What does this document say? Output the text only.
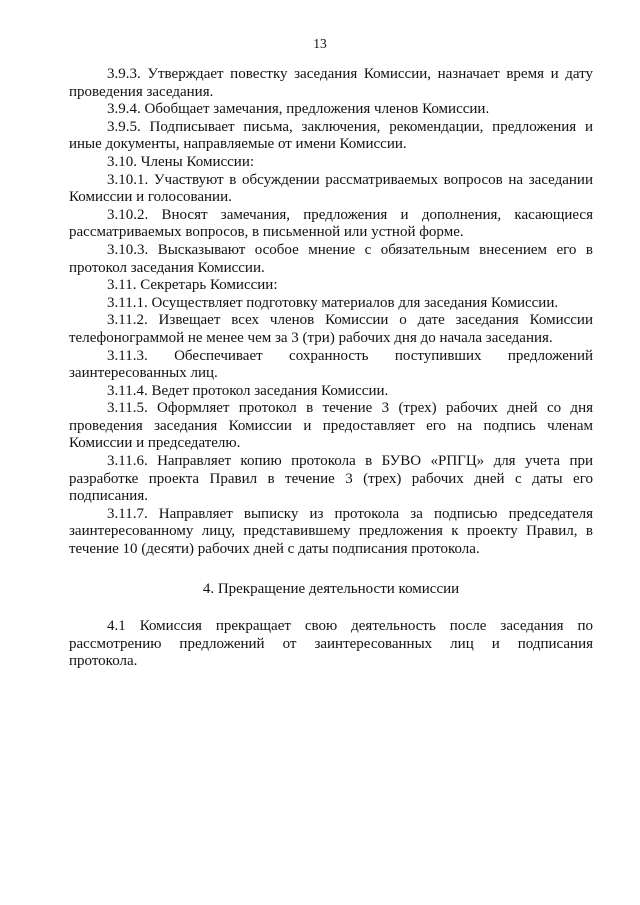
13

3.9.3. Утверждает повестку заседания Комиссии, назначает время и дату проведения заседания.

3.9.4. Обобщает замечания, предложения членов Комиссии.

3.9.5. Подписывает письма, заключения, рекомендации, предложения и иные документы, направляемые от имени Комиссии.

3.10. Члены Комиссии:

3.10.1. Участвуют в обсуждении рассматриваемых вопросов на заседании Комиссии и голосовании.

3.10.2. Вносят замечания, предложения и дополнения, касающиеся рассматриваемых вопросов, в письменной или устной форме.

3.10.3. Высказывают особое мнение с обязательным внесением его в протокол заседания Комиссии.

3.11. Секретарь Комиссии:

3.11.1. Осуществляет подготовку материалов для заседания Комиссии.

3.11.2. Извещает всех членов Комиссии о дате заседания Комиссии телефонограммой не менее чем за 3 (три) рабочих дня до начала заседания.

3.11.3. Обеспечивает сохранность поступивших предложений заинтересованных лиц.

3.11.4. Ведет протокол заседания Комиссии.

3.11.5. Оформляет протокол в течение 3 (трех) рабочих дней со дня проведения заседания Комиссии и предоставляет его на подпись членам Комиссии и председателю.

3.11.6. Направляет копию протокола в БУВО «РПГЦ» для учета при разработке проекта Правил в течение 3 (трех) рабочих дней с даты его подписания.

3.11.7. Направляет выписку из протокола за подписью председателя заинтересованному лицу, представившему предложения к проекту Правил, в течение 10 (десяти) рабочих дней с даты подписания протокола.

4. Прекращение деятельности комиссии

4.1 Комиссия прекращает свою деятельность после заседания по рассмотрению предложений от заинтересованных лиц и подписания протокола.
